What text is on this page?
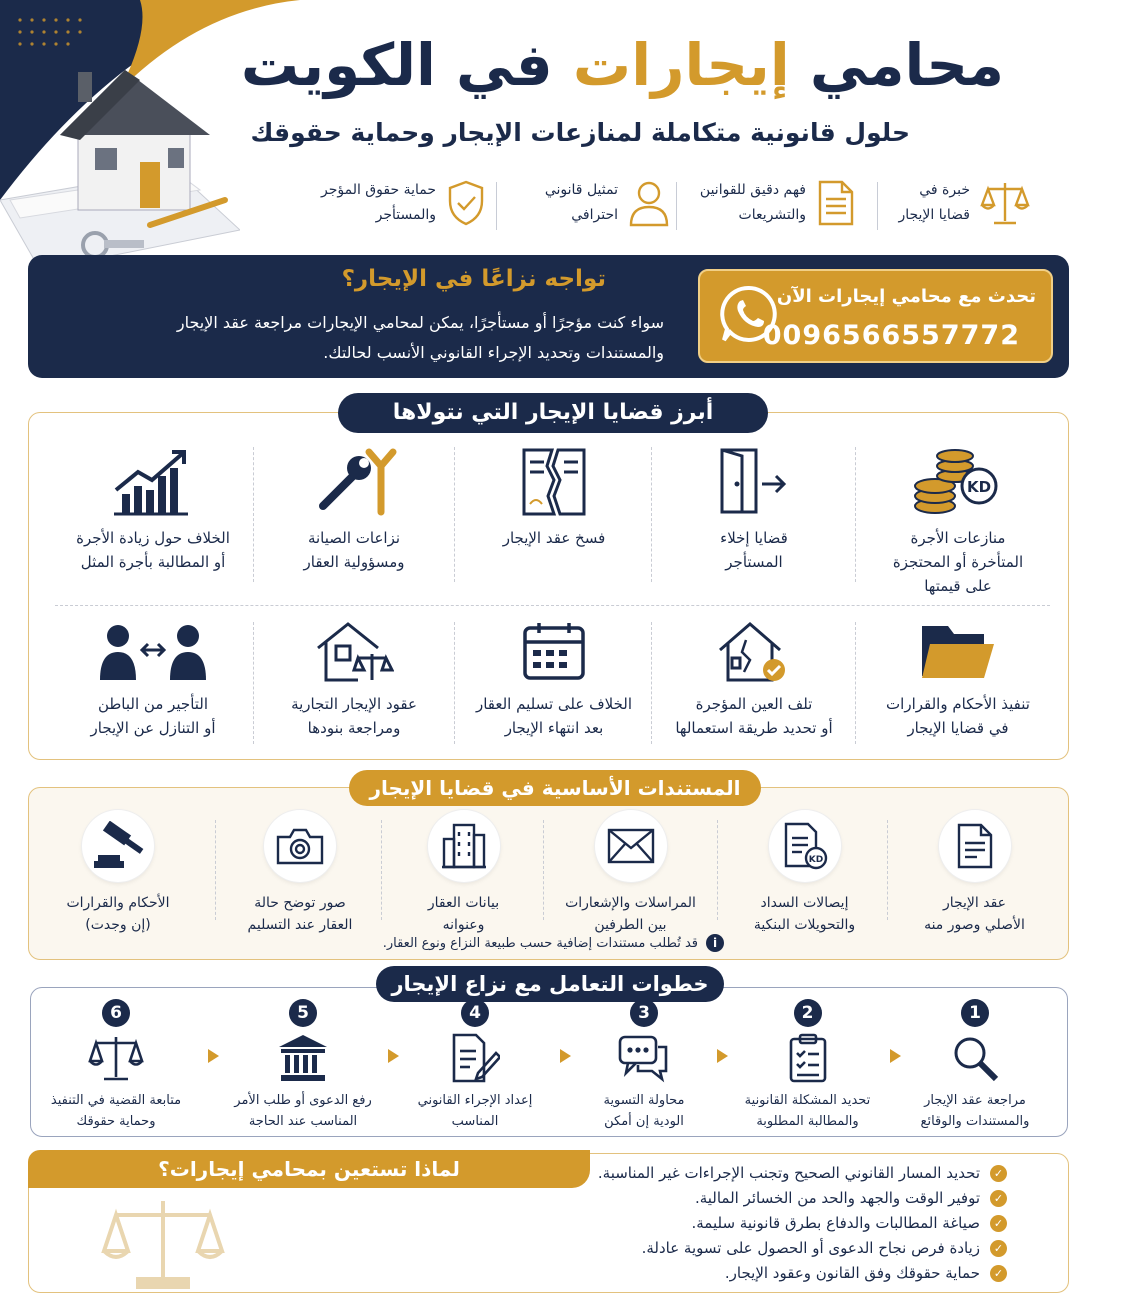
محامي إيجارات في الكويت
حلول قانونية متكاملة لمنازعات الإيجار وحماية حقوقك
خبرة في
قضايا الإيجار
فهم دقيق للقوانين
والتشريعات
تمثيل قانوني
احترافي
حماية حقوق المؤجر
والمستأجر
تواجه نزاعًا في الإيجار؟
سواء كنت مؤجرًا أو مستأجرًا، يمكن لمحامي الإيجارات مراجعة عقد الإيجار
والمستندات وتحديد الإجراء القانوني الأنسب لحالتك.
تحدث مع محامي إيجارات الآن
0096566557772
أبرز قضايا الإيجار التي نتولاها
KD
منازعات الأجرة
المتأخرة أو المحتجزة
على قيمتها
قضايا إخلاء
المستأجر
فسخ عقد الإيجار
نزاعات الصيانة
ومسؤولية العقار
الخلاف حول زيادة الأجرة
أو المطالبة بأجرة المثل
تنفيذ الأحكام والقرارات
في قضايا الإيجار
تلف العين المؤجرة
أو تحديد طريقة استعمالها
الخلاف على تسليم العقار
بعد انتهاء الإيجار
عقود الإيجار التجارية
ومراجعة بنودها
التأجير من الباطن
أو التنازل عن الإيجار
المستندات الأساسية في قضايا الإيجار
عقد الإيجار
الأصلي وصور منه
KD
إيصالات السداد
والتحويلات البنكية
المراسلات والإشعارات
بين الطرفين
بيانات العقار
وعنوانه
صور توضح حالة
العقار عند التسليم
الأحكام والقرارات
(إن وجدت)
i
قد تُطلب مستندات إضافية حسب طبيعة النزاع ونوع العقار.
خطوات التعامل مع نزاع الإيجار
1
مراجعة عقد الإيجار
والمستندات والوقائع
2
تحديد المشكلة القانونية
والمطالبة المطلوبة
3
محاولة التسوية
الودية إن أمكن
4
إعداد الإجراء القانوني
المناسب
5
رفع الدعوى أو طلب الأمر
المناسب عند الحاجة
6
متابعة القضية في التنفيذ
وحماية حقوقك
لماذا تستعين بمحامي إيجارات؟	✓
تحديد المسار القانوني الصحيح وتجنب الإجراءات غير المناسبة.
✓
توفير الوقت والجهد والحد من الخسائر المالية.
✓
صياغة المطالبات والدفاع بطرق قانونية سليمة.
✓
زيادة فرص نجاح الدعوى أو الحصول على تسوية عادلة.
✓
حماية حقوقك وفق القانون وعقود الإيجار.
